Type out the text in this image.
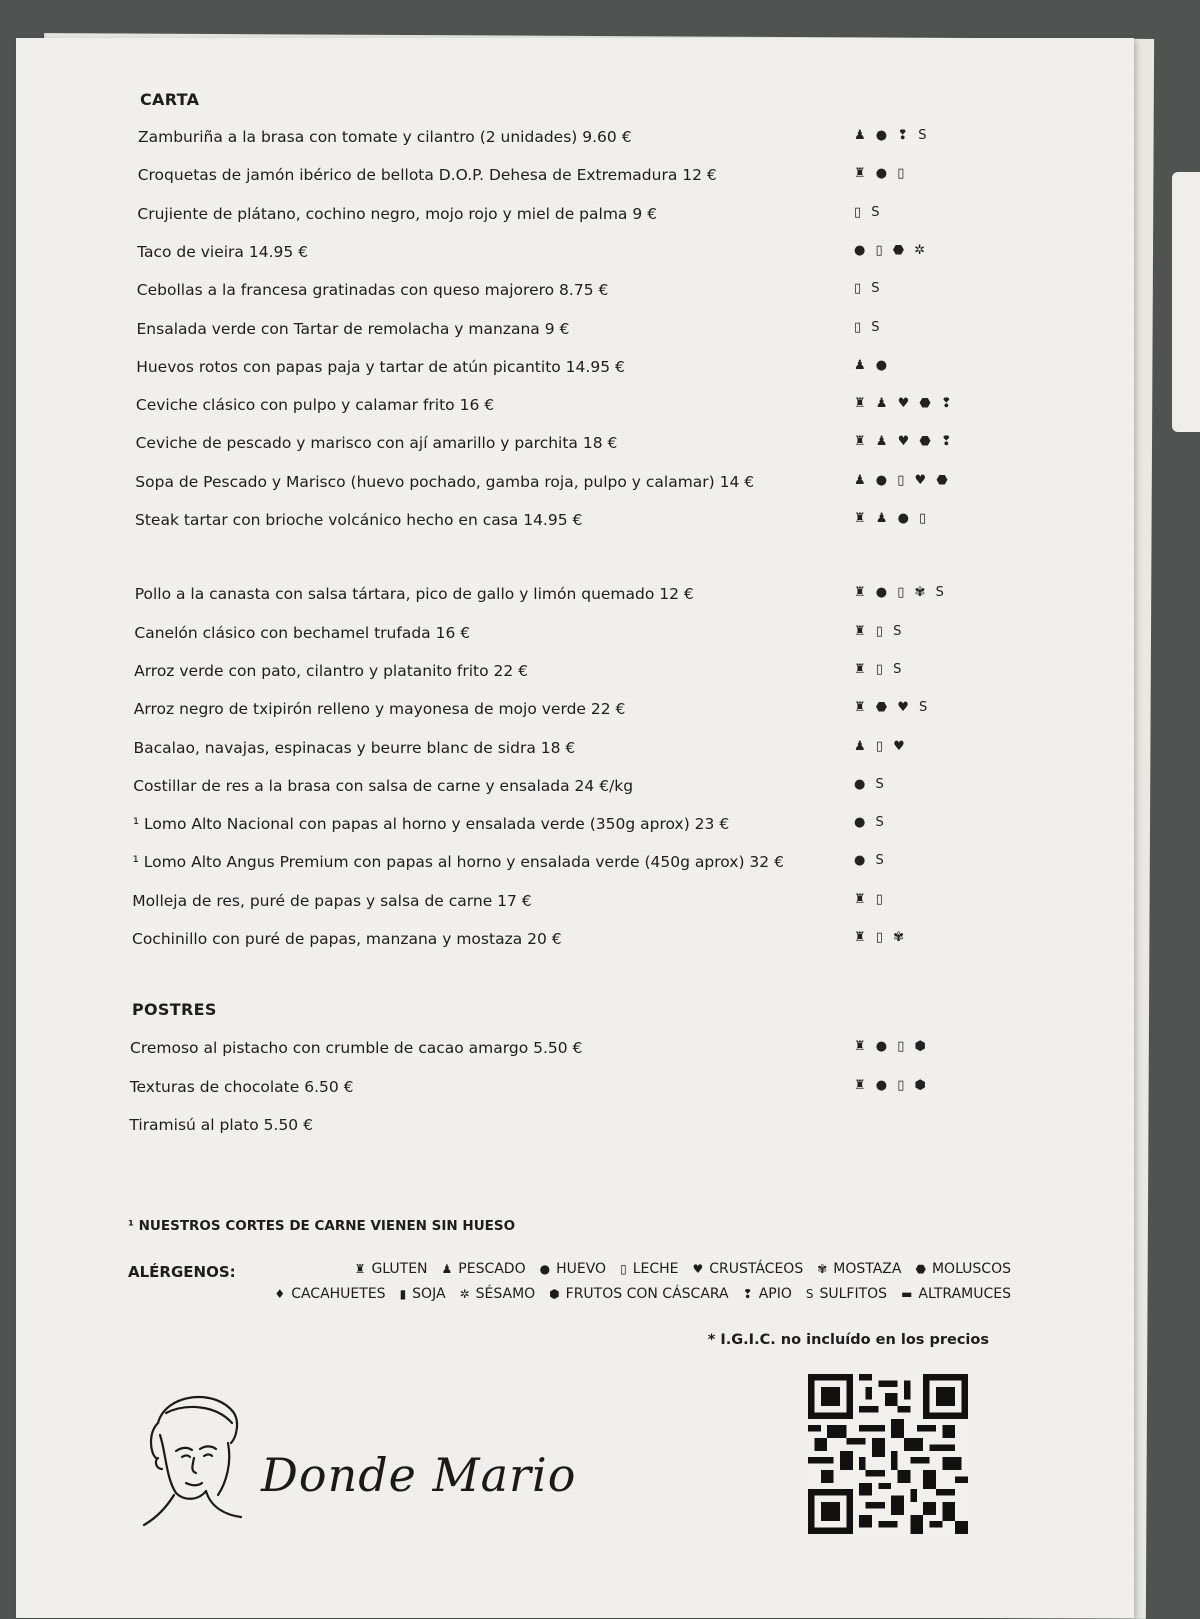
CARTA
Zamburiña a la brasa con tomate y cilantro (2 unidades) 9.60 €	♟ ● ❢ S
Croquetas de jamón ibérico de bellota D.O.P. Dehesa de Extremadura 12 €	♜ ● ▯
Crujiente de plátano, cochino negro, mojo rojo y miel de palma 9 €	▯ S
Taco de vieira 14.95 €	● ▯ ⬣ ✲
Cebollas a la francesa gratinadas con queso majorero 8.75 €	▯ S
Ensalada verde con Tartar de remolacha y manzana 9 €	▯ S
Huevos rotos con papas paja y tartar de atún picantito 14.95 €	♟ ●
Ceviche clásico con pulpo y calamar frito 16 €	♜ ♟ ♥ ⬣ ❢
Ceviche de pescado y marisco con ají amarillo y parchita 18 €	♜ ♟ ♥ ⬣ ❢
Sopa de Pescado y Marisco (huevo pochado, gamba roja, pulpo y calamar) 14 €	♟ ● ▯ ♥ ⬣
Steak tartar con brioche volcánico hecho en casa 14.95 €	♜ ♟ ● ▯
Pollo a la canasta con salsa tártara, pico de gallo y limón quemado 12 €	♜ ● ▯ ✾ S
Canelón clásico con bechamel trufada 16 €	♜ ▯ S
Arroz verde con pato, cilantro y platanito frito 22 €	♜ ▯ S
Arroz negro de txipirón relleno y mayonesa de mojo verde 22 €	♜ ⬣ ♥ S
Bacalao, navajas, espinacas y beurre blanc de sidra 18 €	♟ ▯ ♥
Costillar de res a la brasa con salsa de carne y ensalada 24 €/kg	● S
¹ Lomo Alto Nacional con papas al horno y ensalada verde (350g aprox) 23 €	● S
¹ Lomo Alto Angus Premium con papas al horno y ensalada verde (450g aprox) 32 €	● S
Molleja de res, puré de papas y salsa de carne 17 €	♜ ▯
Cochinillo con puré de papas, manzana y mostaza 20 €	♜ ▯ ✾
POSTRES
Cremoso al pistacho con crumble de cacao amargo 5.50 €	♜ ● ▯ ⬢
Texturas de chocolate 6.50 €	♜ ● ▯ ⬢
Tiramisú al plato 5.50 €
¹ NUESTROS CORTES DE CARNE VIENEN SIN HUESO
ALÉRGENOS:	♜ GLUTEN ♟ PESCADO ● HUEVO ▯ LECHE ♥ CRUSTÁCEOS ✾ MOSTAZA ⬣ MOLUSCOS
♦ CACAHUETES ▮ SOJA ✲ SÉSAMO ⬢ FRUTOS CON CÁSCARA ❢ APIO S SULFITOS ▬ ALTRAMUCES
* I.G.I.C. no incluído en los precios
Donde Mario
